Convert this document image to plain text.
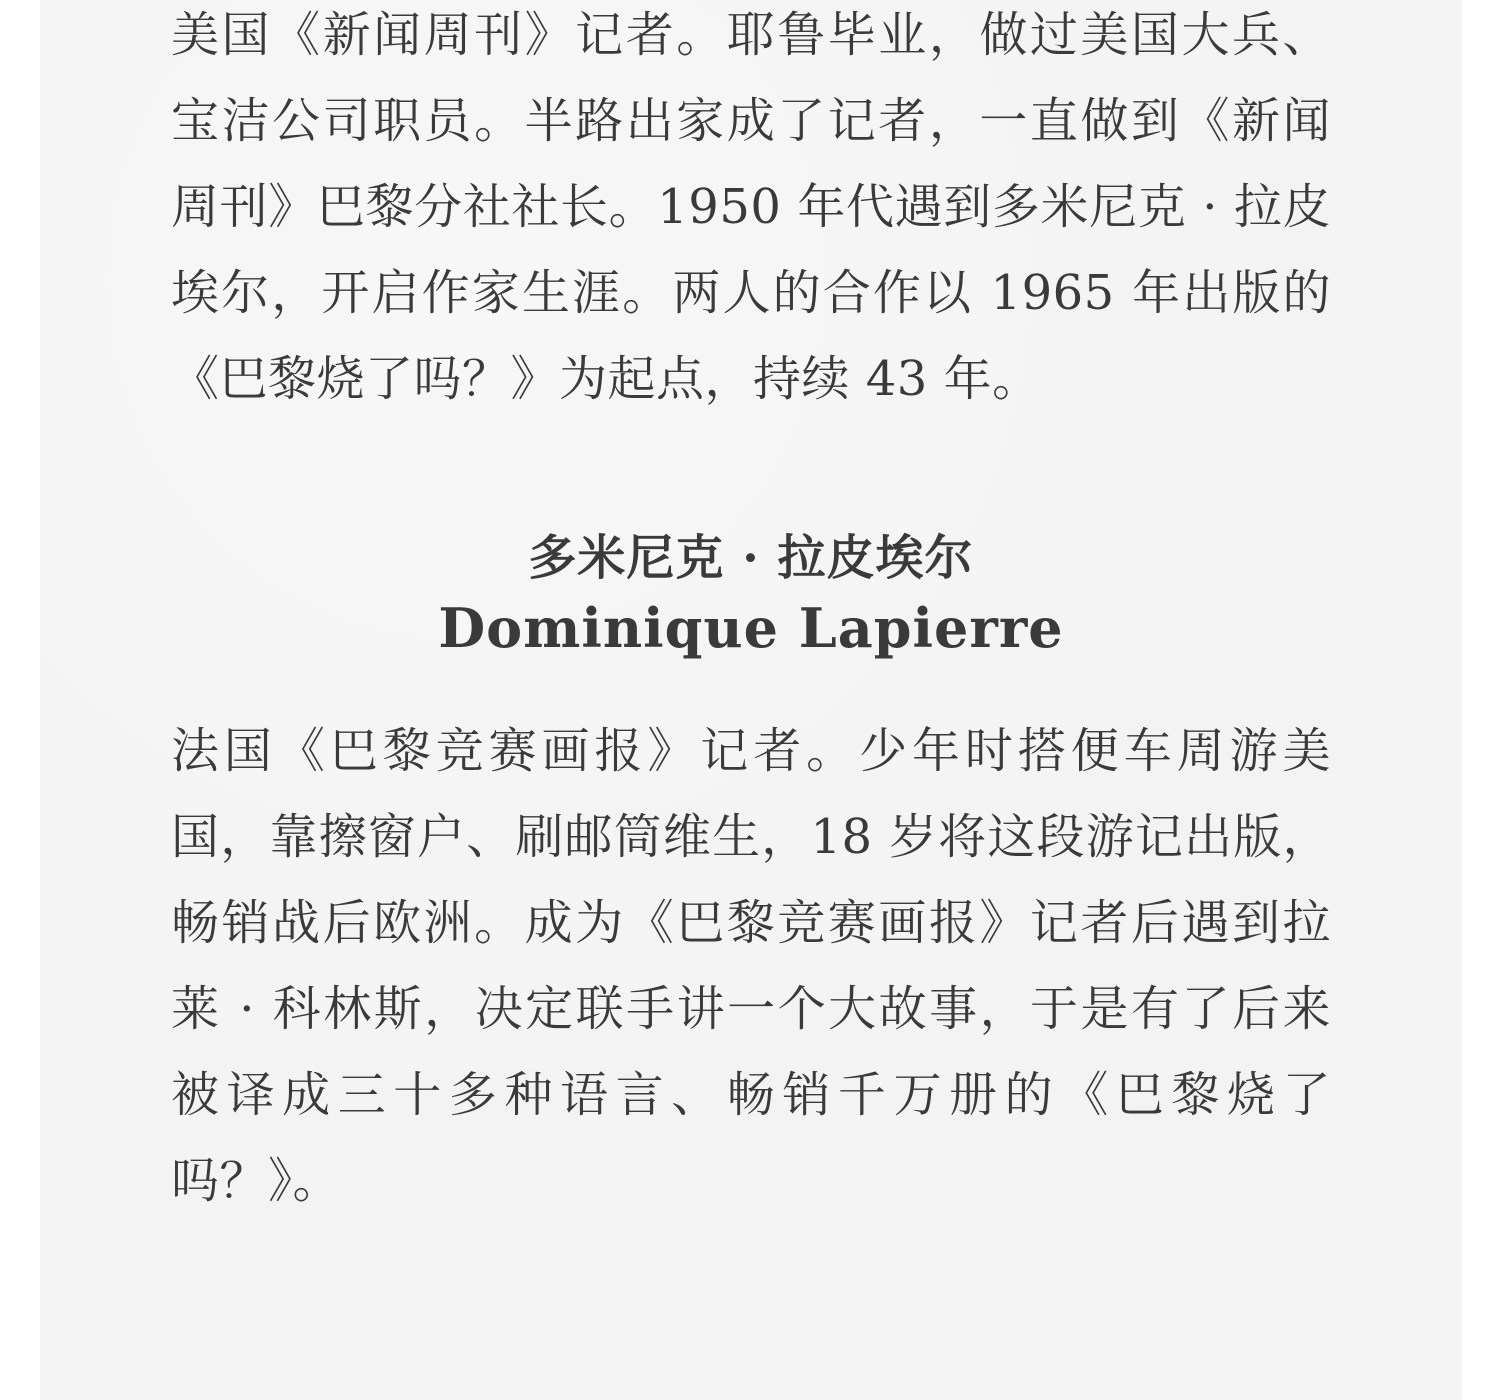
美国《新闻周刊》记者。耶鲁毕业，做过美国大兵、宝洁公司职员。半路出家成了记者，一直做到《新闻周刊》巴黎分社社长。1950 年代遇到多米尼克 · 拉皮埃尔，开启作家生涯。两人的合作以 1965 年出版的《巴黎烧了吗？》为起点，持续 43 年。

多米尼克 · 拉皮埃尔
Dominique Lapierre

法国《巴黎竞赛画报》记者。少年时搭便车周游美国，靠擦窗户、刷邮筒维生，18 岁将这段游记出版，畅销战后欧洲。成为《巴黎竞赛画报》记者后遇到拉莱 · 科林斯，决定联手讲一个大故事，于是有了后来被译成三十多种语言、畅销千万册的《巴黎烧了吗？》。
